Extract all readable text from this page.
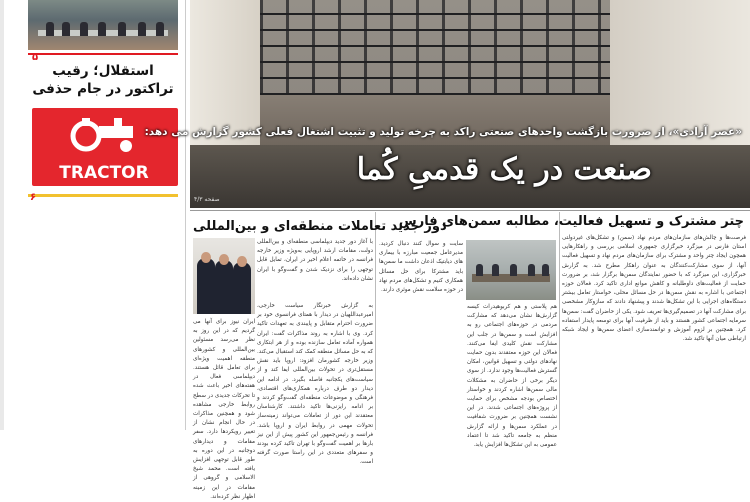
۵
استقلال؛ رقیب تراکتور در جام حذفی
TRACTOR
۶	صفحه ۴/۳
«عصر آزادی»، از ضرورت بازگشت واحدهای صنعتی راکد به چرخه تولید و تثبیت اشتغال فعلی کشور گزارش می دهد:
صنعت در یک قدمیِ کُما
چتر مشترک و تسهیل فعالیت، مطالبه سمن‌های فارس
دور جدید تعاملات منطقه‌ای و بین‌المللی
فرصت‌ها و چالش‌های سازمان‌های مردم نهاد (سمن) و تشکل‌های غیردولتی استان فارس در میزگرد خبرگزاری جمهوری اسلامی بررسی و راهکارهایی همچون ایجاد چتر واحد و مشترک برای سازمان‌های مردم نهاد و تسهیل فعالیت آنها، از سوی مشارکت‌کنندگان به عنوان راهکار مطرح شد. به گزارش خبرگزاری، این میزگرد که با حضور نمایندگان سمن‌ها برگزار شد، بر ضرورت حمایت از فعالیت‌های داوطلبانه و کاهش موانع اداری تاکید کرد. فعالان حوزه اجتماعی با اشاره به نقش سمن‌ها در حل مسائل محلی، خواستار تعامل بیشتر دستگاه‌های اجرایی با این تشکل‌ها شدند و پیشنهاد دادند که سازوکار مشخصی برای مشارکت آنها در تصمیم‌گیری‌ها تعریف شود. یکی از حاضران گفت: سمن‌ها سرمایه اجتماعی کشور هستند و باید از ظرفیت آنها برای توسعه پایدار استفاده کرد. همچنین بر لزوم آموزش و توانمندسازی اعضای سمن‌ها و ایجاد شبکه ارتباطی میان آنها تاکید شد.
سایت و سوال کنند دنبال کردید. مدیرعامل جمعیت مبارزه با بیماری های دیابتیک اذعان داشت ما سمن‌ها باید مشترکا برای حل مسائل همکاری کنیم و تشکل‌های مردم نهاد در حوزه سلامت نقش موثری دارند.
هم پلاستی و هم کربوهیدرات کیسه گزارش‌ها نشان می‌دهد که مشارکت مردمی در حوزه‌های اجتماعی رو به افزایش است و سمن‌ها در جلب این مشارکت نقش کلیدی ایفا می‌کنند. فعالان این حوزه معتقدند بدون حمایت نهادهای دولتی و تسهیل قوانین، امکان گسترش فعالیت‌ها وجود ندارد. از سوی دیگر برخی از حاضران به مشکلات مالی سمن‌ها اشاره کردند و خواستار اختصاص بودجه مشخص برای حمایت از پروژه‌های اجتماعی شدند. در این نشست همچنین بر ضرورت شفافیت در عملکرد سمن‌ها و ارائه گزارش منظم به جامعه تاکید شد تا اعتماد عمومی به این تشکل‌ها افزایش یابد.
با آغاز دور جدید دیپلماسی منطقه‌ای و بین‌المللی دولت، مقامات ارشد اروپایی به‌ویژه وزیر خارجه فرانسه در خاتمه اعلام اخیر در ایران، تمایل قابل توجهی را برای نزدیک شدن و گفت‌وگو با ایران نشان داده‌اند.
به گزارش خبرنگار سیاست خارجی، امیرعبداللهیان در دیدار با همتای فرانسوی خود بر ضرورت احترام متقابل و پایبندی به تعهدات تاکید کرد. وی با اشاره به روند مذاکرات گفت: ایران همواره آماده تعامل سازنده بوده و از هر ابتکاری که به حل مسائل منطقه کمک کند استقبال می‌کند. وزیر خارجه کشورمان افزود: اروپا باید نقش مستقل‌تری در تحولات بین‌المللی ایفا کند و از سیاست‌های یکجانبه فاصله بگیرد. در ادامه این دیدار دو طرف درباره همکاری‌های اقتصادی، فرهنگی و موضوعات منطقه‌ای گفت‌وگو کردند و بر ادامه رایزنی‌ها تاکید داشتند. کارشناسان معتقدند این دور از تعاملات می‌تواند زمینه‌ساز تحولات مهمی در روابط ایران و اروپا باشد. فرانسه و رئیس‌جمهور این کشور پیش از این نیز بارها بر اهمیت گفت‌وگو با تهران تاکید کرده بودند و سفرهای متعددی در این راستا صورت گرفته است.
ایران نیوز برای آنها می گردیم که در این روز به نظر می‌رسد مسئولین بین‌المللی و کشورهای منطقه اهمیت ویژه‌ای برای تعامل قائل هستند. دیپلماسی فعال در هفته‌های اخیر باعث شده تا تحرکات جدیدی در سطح روابط خارجی مشاهده شود و همچنین مذاکرات در حال انجام نشان از تغییر رویکردها دارد. سفر مقامات و دیدارهای دوجانبه در این دوره به طور قابل توجهی افزایش یافته است. محمد شیخ الاسلامی و گروهی از مقامات در این زمینه اظهار نظر کرده‌اند.
